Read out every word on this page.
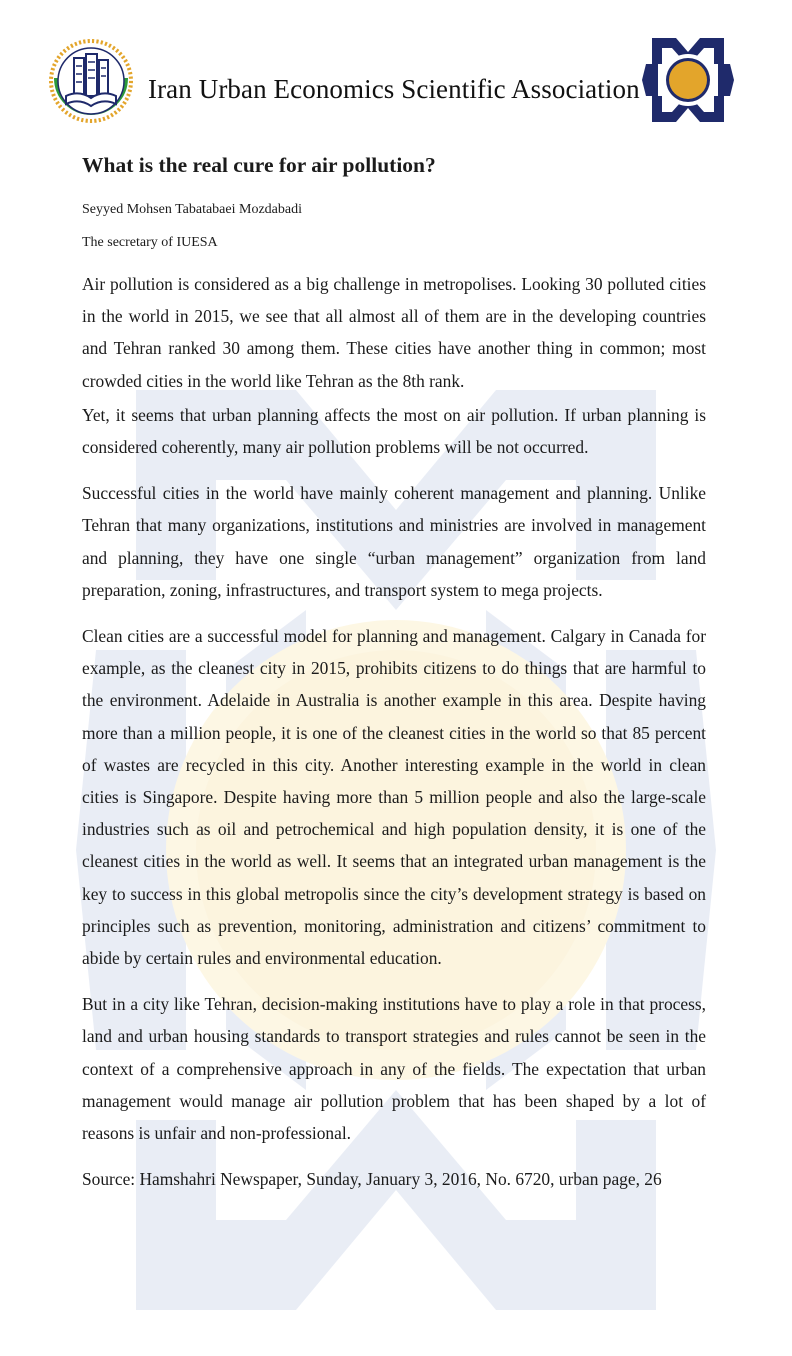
Iran Urban Economics Scientific Association
What is the real cure for air pollution?

Seyyed Mohsen Tabatabaei Mozdabadi

The secretary of IUESA

Air pollution is considered as a big challenge in metropolises. Looking 30 polluted cities in the world in 2015, we see that all almost all of them are in the developing countries and Tehran ranked 30 among them. These cities have another thing in common; most crowded cities in the world like Tehran as the 8th rank.

Yet, it seems that urban planning affects the most on air pollution. If urban planning is considered coherently, many air pollution problems will be not occurred.

Successful cities in the world have mainly coherent management and planning. Unlike Tehran that many organizations, institutions and ministries are involved in management and planning, they have one single “urban management” organization from land preparation, zoning, infrastructures, and transport system to mega projects.

Clean cities are a successful model for planning and management. Calgary in Canada for example, as the cleanest city in 2015, prohibits citizens to do things that are harmful to the environment. Adelaide in Australia is another example in this area. Despite having more than a million people, it is one of the cleanest cities in the world so that 85 percent of wastes are recycled in this city. Another interesting example in the world in clean cities is Singapore. Despite having more than 5 million people and also the large-scale industries such as oil and petrochemical and high population density, it is one of the cleanest cities in the world as well. It seems that an integrated urban management is the key to success in this global metropolis since the city’s development strategy is based on principles such as prevention, monitoring, administration and citizens’ commitment to abide by certain rules and environmental education.

But in a city like Tehran, decision-making institutions have to play a role in that process, land and urban housing standards to transport strategies and rules cannot be seen in the context of a comprehensive approach in any of the fields. The expectation that urban management would manage air pollution problem that has been shaped by a lot of reasons is unfair and non-professional.

Source: Hamshahri Newspaper, Sunday, January 3, 2016, No. 6720, urban page, 26
